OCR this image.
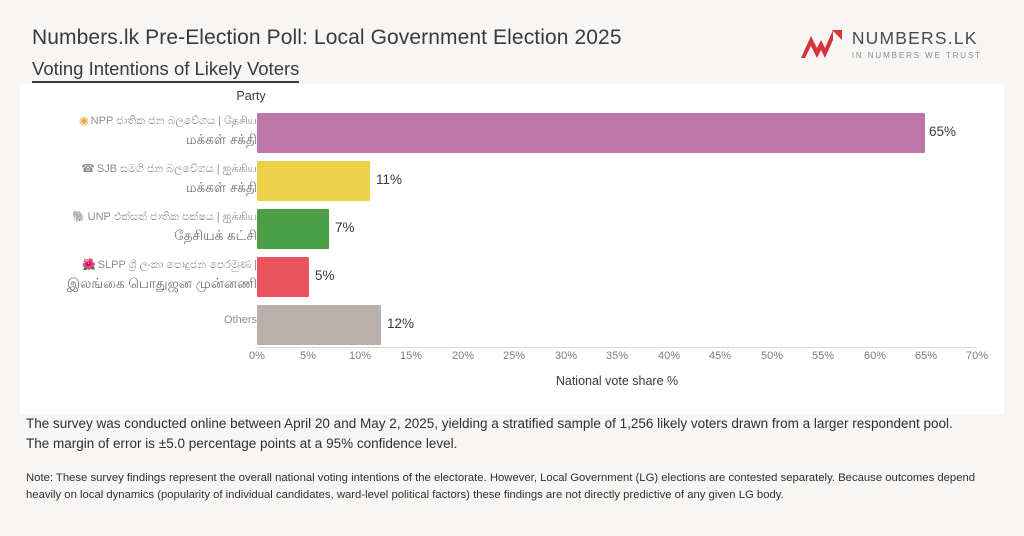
Numbers.lk Pre-Election Poll: Local Government Election 2025
Voting Intentions of Likely Voters
NUMBERS.LK
IN NUMBERS WE TRUST
Party
◉ NPP ජාතික ජන බලවේගය | தேசிய
மக்கள் சக்தி
65%
☎ SJB සමගි ජන බලවේගය | ஐக்கிய
மக்கள் சக்தி
11%
🐘 UNP එක්සත් ජාතික පක්ෂය | ஐக்கிய
தேசியக் கட்சி
7%
🌺 SLPP ශ්‍රී ලංකා පොදුජන පෙරමුණ |
இலங்கை பொதுஜன முன்னணி
5%
Others	12%
0%	5%	10%	15%	20%	25%	30%	35%	40%	45%	50%	55%	60%	65%	70%
National vote share %
The survey was conducted online between April 20 and May 2, 2025, yielding a stratified sample of 1,256 likely voters drawn from a larger respondent pool. The margin of error is ±5.0 percentage points at a 95% confidence level.
Note: These survey findings represent the overall national voting intentions of the electorate. However, Local Government (LG) elections are contested separately. Because outcomes depend heavily on local dynamics (popularity of individual candidates, ward-level political factors) these findings are not directly predictive of any given LG body.
